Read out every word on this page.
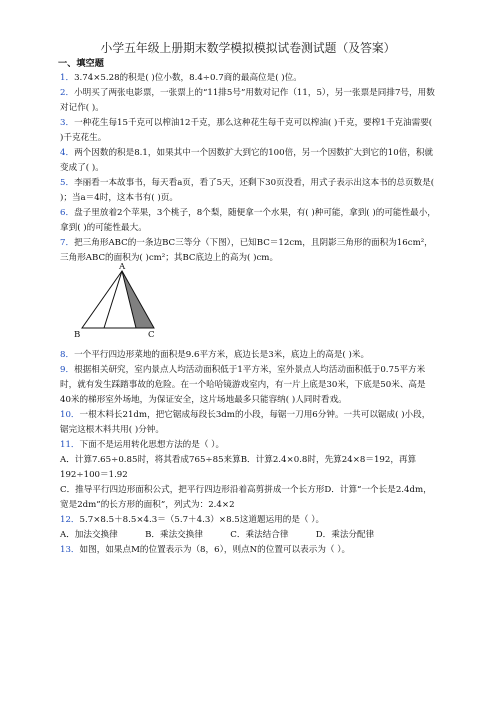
小学五年级上册期末数学模拟模拟试卷测试题（及答案）
一、填空题
1．3.74×5.28的积是( )位小数，8.4÷0.7商的最高位是( )位。
2．小明买了两张电影票，一张票上的“11排5号”用数对记作（11，5），另一张票是同排7号，用数对记作( )。
3．一种花生每15千克可以榨油12千克，那么这种花生每千克可以榨油( )千克，要榨1千克油需要( )千克花生。
4．两个因数的积是8.1，如果其中一个因数扩大到它的100倍，另一个因数扩大到它的10倍，积就变成了( )。
5．李丽看一本故事书，每天看a页，看了5天，还剩下30页没看，用式子表示出这本书的总页数是( )；当a＝4时，这本书有( )页。
6．盘子里放着2个苹果，3个桃子，8个梨，随便拿一个水果，有( )种可能，拿到( )的可能性最小，拿到( )的可能性最大。
7．把三角形ABC的一条边BC三等分（下图），已知BC＝12cm，且阴影三角形的面积为16cm²，三角形ABC的面积为( )cm²；其BC底边上的高为( )cm。
A
B	C
8．一个平行四边形菜地的面积是9.6平方米，底边长是3米，底边上的高是( )米。
9．根据相关研究，室内景点人均活动面积低于1平方米，室外景点人均活动面积低于0.75平方米时，就有发生踩踏事故的危险。在一个哈哈镜游戏室内，有一片上底是30米，下底是50米、高是40米的梯形室外场地，为保证安全，这片场地最多只能容纳( )人同时看戏。
10．一根木料长21dm，把它锯成每段长3dm的小段，每锯一刀用6分钟。一共可以锯成( )小段，锯完这根木料共用( )分钟。
11．下面不是运用转化思想方法的是（ ）。
A．计算7.65÷0.85时，将其看成765÷85来算B．计算2.4×0.8时，先算24×8＝192，再算192÷100＝1.92
C．推导平行四边形面积公式，把平行四边形沿着高剪拼成一个长方形D．计算“一个长是2.4dm，宽是2dm”的长方形的面积”，列式为：2.4×2
12．5.7×8.5＋8.5×4.3＝（5.7＋4.3）×8.5这道题运用的是（ ）。
A．加法交换律          B．乘法交换律          C．乘法结合律          D．乘法分配律
13．如图，如果点M的位置表示为（8，6），则点N的位置可以表示为（ ）。
